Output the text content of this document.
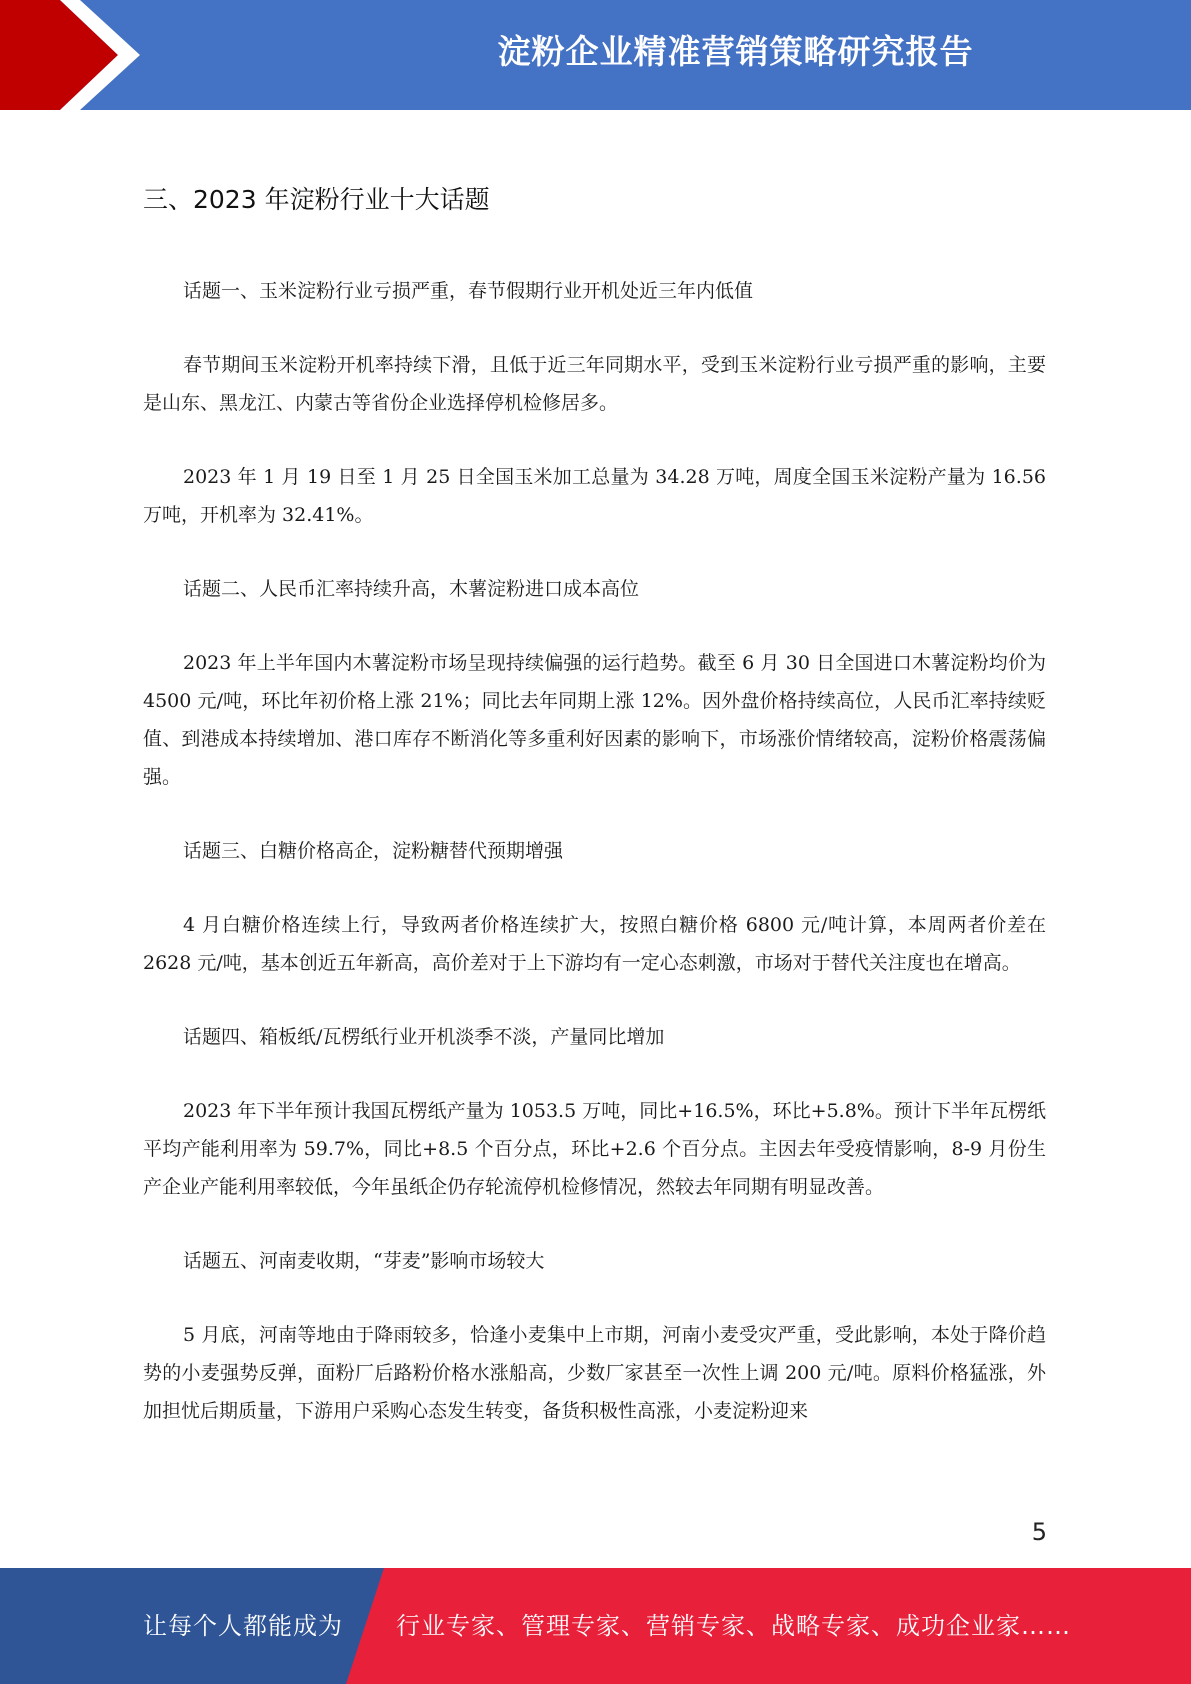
淀粉企业精准营销策略研究报告
三、2023 年淀粉行业十大话题

话题一、玉米淀粉行业亏损严重，春节假期行业开机处近三年内低值

春节期间玉米淀粉开机率持续下滑，且低于近三年同期水平，受到玉米淀粉行业亏损严重的影响，主要是山东、黑龙江、内蒙古等省份企业选择停机检修居多。

2023 年 1 月 19 日至 1 月 25 日全国玉米加工总量为 34.28 万吨，周度全国玉米淀粉产量为 16.56 万吨，开机率为 32.41%。

话题二、人民币汇率持续升高，木薯淀粉进口成本高位

2023 年上半年国内木薯淀粉市场呈现持续偏强的运行趋势。截至 6 月 30 日全国进口木薯淀粉均价为 4500 元/吨，环比年初价格上涨 21%；同比去年同期上涨 12%。因外盘价格持续高位，人民币汇率持续贬值、到港成本持续增加、港口库存不断消化等多重利好因素的影响下，市场涨价情绪较高，淀粉价格震荡偏强。

话题三、白糖价格高企，淀粉糖替代预期增强

4 月白糖价格连续上行，导致两者价格连续扩大，按照白糖价格 6800 元/吨计算，本周两者价差在 2628 元/吨，基本创近五年新高，高价差对于上下游均有一定心态刺激，市场对于替代关注度也在增高。

话题四、箱板纸/瓦楞纸行业开机淡季不淡，产量同比增加

2023 年下半年预计我国瓦楞纸产量为 1053.5 万吨，同比+16.5%，环比+5.8%。预计下半年瓦楞纸平均产能利用率为 59.7%，同比+8.5 个百分点，环比+2.6 个百分点。主因去年受疫情影响，8-9 月份生产企业产能利用率较低，今年虽纸企仍存轮流停机检修情况，然较去年同期有明显改善。

话题五、河南麦收期，“芽麦”影响市场较大

5 月底，河南等地由于降雨较多，恰逢小麦集中上市期，河南小麦受灾严重，受此影响，本处于降价趋势的小麦强势反弹，面粉厂后路粉价格水涨船高，少数厂家甚至一次性上调 200 元/吨。原料价格猛涨，外加担忧后期质量，下游用户采购心态发生转变，备货积极性高涨，小麦淀粉迎来

5
让每个人都能成为 行业专家、管理专家、营销专家、战略专家、成功企业家……
